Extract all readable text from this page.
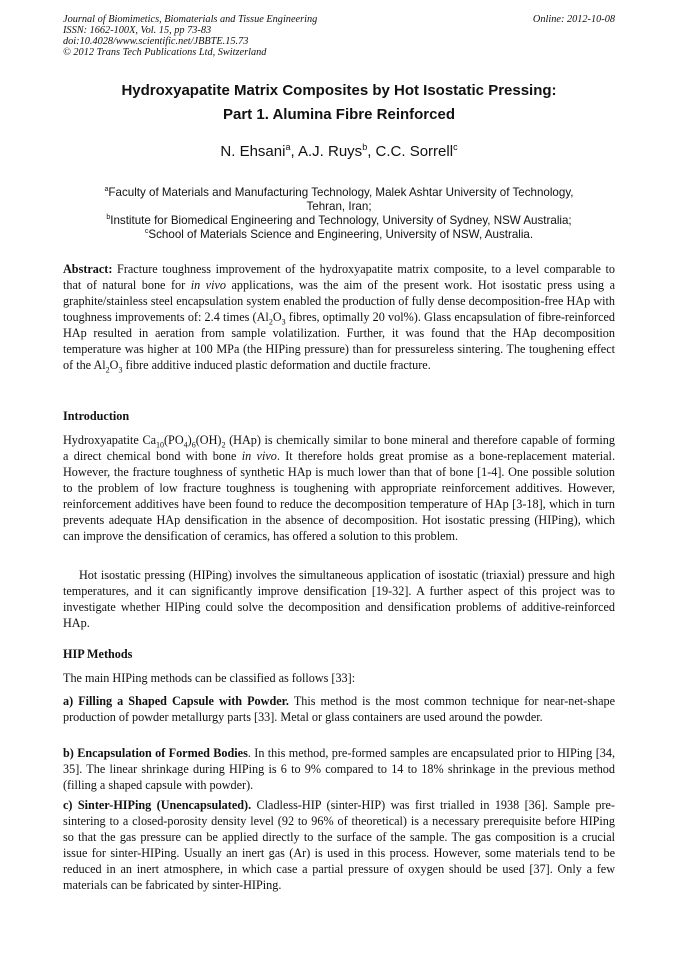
Journal of Biomimetics, Biomaterials and Tissue Engineering
ISSN: 1662-100X, Vol. 15, pp 73-83
doi:10.4028/www.scientific.net/JBBTE.15.73
© 2012 Trans Tech Publications Ltd, Switzerland
Online: 2012-10-08
Hydroxyapatite Matrix Composites by Hot Isostatic Pressing:
Part 1. Alumina Fibre Reinforced
N. Ehsani$^a$, A.J. Ruys$^b$, C.C. Sorrell$^c$
$^a$Faculty of Materials and Manufacturing Technology, Malek Ashtar University of Technology,
Tehran, Iran;
$^b$Institute for Biomedical Engineering and Technology, University of Sydney, NSW Australia;
$^c$School of Materials Science and Engineering, University of NSW, Australia.
Abstract: Fracture toughness improvement of the hydroxyapatite matrix composite, to a level comparable to that of natural bone for in vivo applications, was the aim of the present work. Hot isostatic press using a graphite/stainless steel encapsulation system enabled the production of fully dense decomposition-free HAp with toughness improvements of: 2.4 times ($Al_2O_3$ fibres, optimally 20 vol%). Glass encapsulation of fibre-reinforced HAp resulted in aeration from sample volatilization. Further, it was found that the HAp decomposition temperature was higher at 100 MPa (the HIPing pressure) than for pressureless sintering. The toughening effect of the $Al_2O_3$ fibre additive induced plastic deformation and ductile fracture.
Introduction
Hydroxyapatite $Ca_{10}(PO_4)_6(OH)_2$ (HAp) is chemically similar to bone mineral and therefore capable of forming a direct chemical bond with bone in vivo. It therefore holds great promise as a bone-replacement material. However, the fracture toughness of synthetic HAp is much lower than that of bone [1-4]. One possible solution to the problem of low fracture toughness is toughening with appropriate reinforcement additives. However, reinforcement additives have been found to reduce the decomposition temperature of HAp [3-18], which in turn prevents adequate HAp densification in the absence of decomposition. Hot isostatic pressing (HIPing), which can improve the densification of ceramics, has offered a solution to this problem.
Hot isostatic pressing (HIPing) involves the simultaneous application of isostatic (triaxial) pressure and high temperatures, and it can significantly improve densification [19-32]. A further aspect of this project was to investigate whether HIPing could solve the decomposition and densification problems of additive-reinforced HAp.
HIP Methods
The main HIPing methods can be classified as follows [33]:
a) Filling a Shaped Capsule with Powder. This method is the most common technique for near-net-shape production of powder metallurgy parts [33]. Metal or glass containers are used around the powder.
b) Encapsulation of Formed Bodies. In this method, pre-formed samples are encapsulated prior to HIPing [34, 35]. The linear shrinkage during HIPing is 6 to 9% compared to 14 to 18% shrinkage in the previous method (filling a shaped capsule with powder).
c) Sinter-HIPing (Unencapsulated). Cladless-HIP (sinter-HIP) was first trialled in 1938 [36]. Sample pre-sintering to a closed-porosity density level (92 to 96% of theoretical) is a necessary prerequisite before HIPing so that the gas pressure can be applied directly to the surface of the sample. The gas composition is a crucial issue for sinter-HIPing. Usually an inert gas (Ar) is used in this process. However, some materials tend to be reduced in an inert atmosphere, in which case a partial pressure of oxygen should be used [37]. Only a few materials can be fabricated by sinter-HIPing.
